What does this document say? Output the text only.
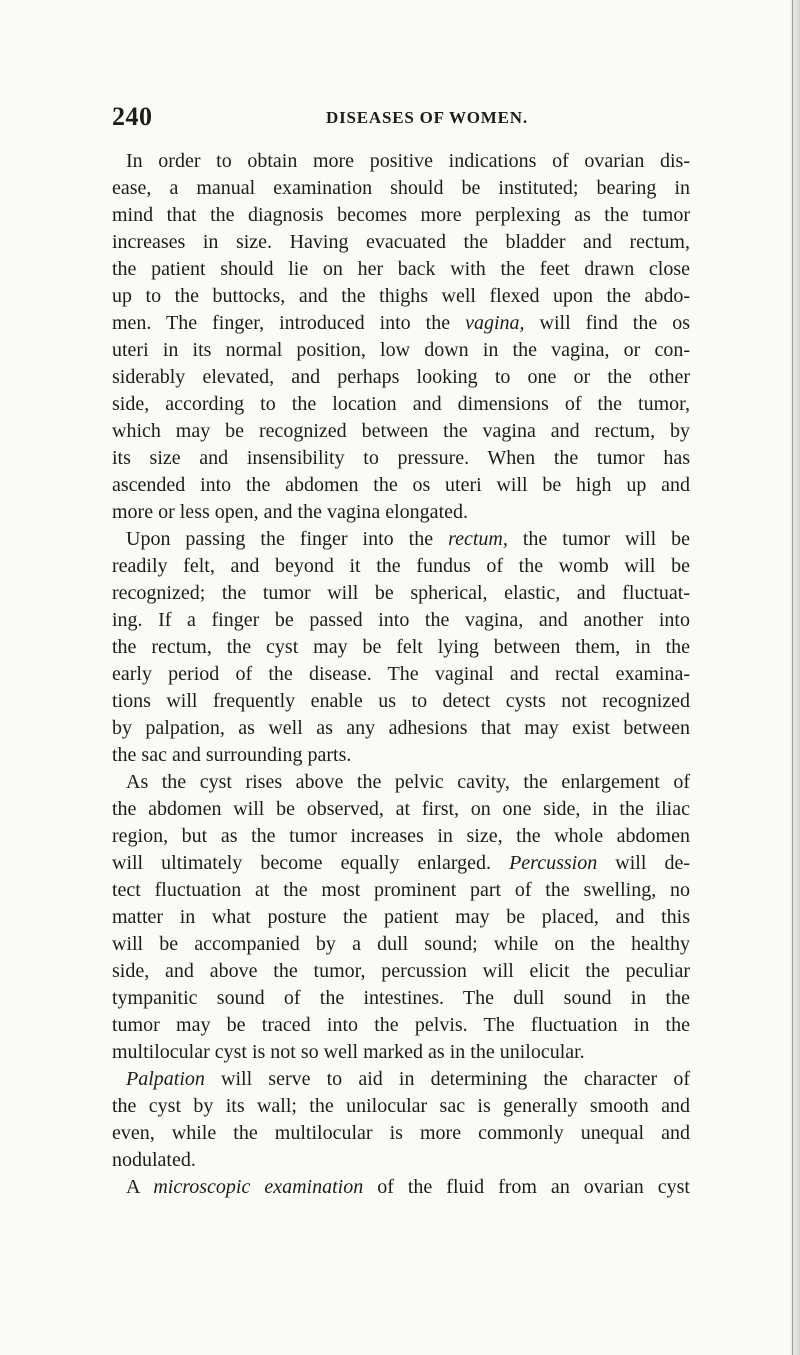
240	DISEASES OF WOMEN.
In order to obtain more positive indications of ovarian dis-
ease, a manual examination should be instituted; bearing in
mind that the diagnosis becomes more perplexing as the tumor
increases in size. Having evacuated the bladder and rectum,
the patient should lie on her back with the feet drawn close
up to the buttocks, and the thighs well flexed upon the abdo-
men. The finger, introduced into the vagina, will find the os
uteri in its normal position, low down in the vagina, or con-
siderably elevated, and perhaps looking to one or the other
side, according to the location and dimensions of the tumor,
which may be recognized between the vagina and rectum, by
its size and insensibility to pressure. When the tumor has
ascended into the abdomen the os uteri will be high up and
more or less open, and the vagina elongated.
Upon passing the finger into the rectum, the tumor will be
readily felt, and beyond it the fundus of the womb will be
recognized; the tumor will be spherical, elastic, and fluctuat-
ing. If a finger be passed into the vagina, and another into
the rectum, the cyst may be felt lying between them, in the
early period of the disease. The vaginal and rectal examina-
tions will frequently enable us to detect cysts not recognized
by palpation, as well as any adhesions that may exist between
the sac and surrounding parts.
As the cyst rises above the pelvic cavity, the enlargement of
the abdomen will be observed, at first, on one side, in the iliac
region, but as the tumor increases in size, the whole abdomen
will ultimately become equally enlarged. Percussion will de-
tect fluctuation at the most prominent part of the swelling, no
matter in what posture the patient may be placed, and this
will be accompanied by a dull sound; while on the healthy
side, and above the tumor, percussion will elicit the peculiar
tympanitic sound of the intestines. The dull sound in the
tumor may be traced into the pelvis. The fluctuation in the
multilocular cyst is not so well marked as in the unilocular.
Palpation will serve to aid in determining the character of
the cyst by its wall; the unilocular sac is generally smooth and
even, while the multilocular is more commonly unequal and
nodulated.
A microscopic examination of the fluid from an ovarian cyst
